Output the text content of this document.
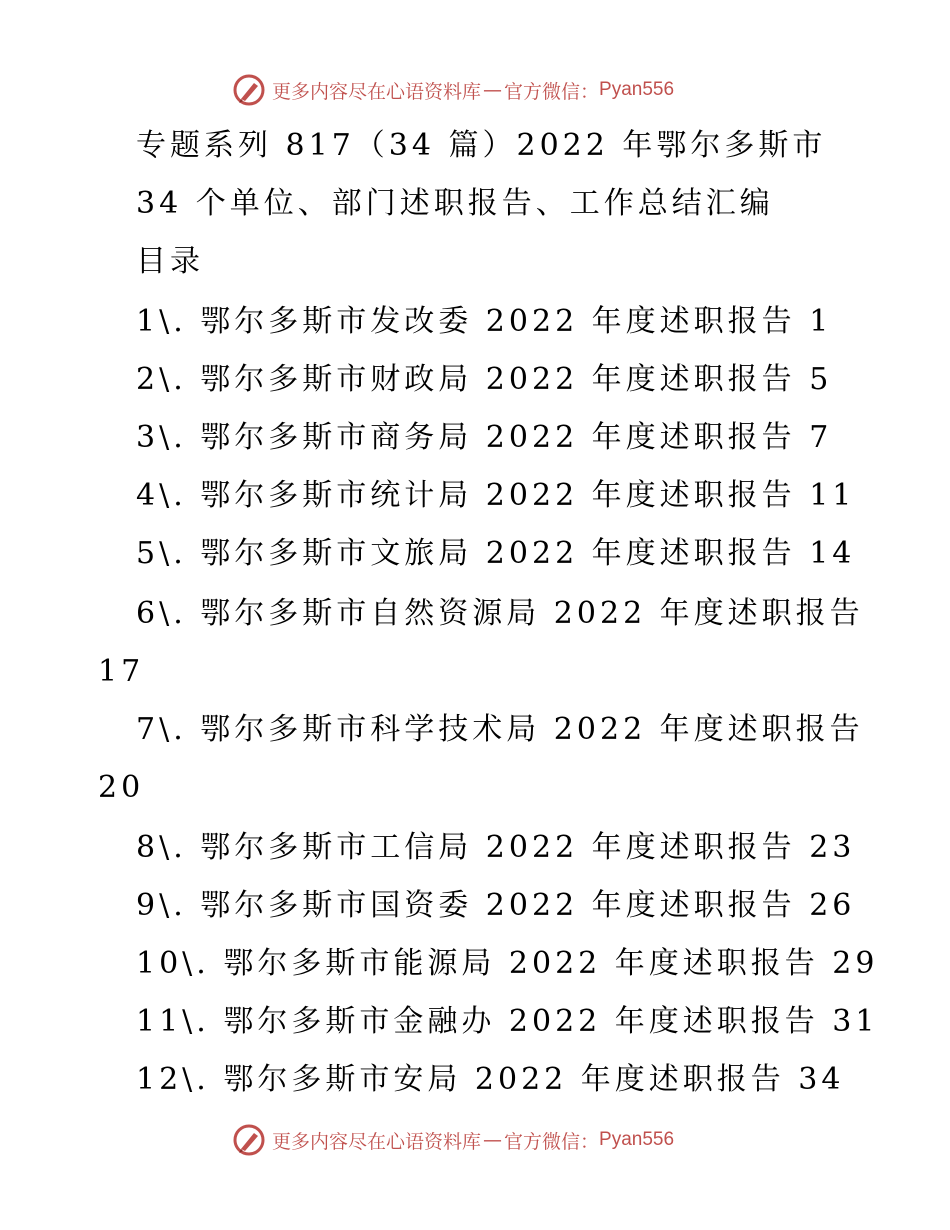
更多内容尽在心语资料库 — 官方微信： Pyan556
专题系列 817（34 篇）2022 年鄂尔多斯市
34 个单位、部门述职报告、工作总结汇编
目录
1\. 鄂尔多斯市发改委 2022 年度述职报告 1
2\. 鄂尔多斯市财政局 2022 年度述职报告 5
3\. 鄂尔多斯市商务局 2022 年度述职报告 7
4\. 鄂尔多斯市统计局 2022 年度述职报告 11
5\. 鄂尔多斯市文旅局 2022 年度述职报告 14
6\. 鄂尔多斯市自然资源局 2022 年度述职报告
17
7\. 鄂尔多斯市科学技术局 2022 年度述职报告
20
8\. 鄂尔多斯市工信局 2022 年度述职报告 23
9\. 鄂尔多斯市国资委 2022 年度述职报告 26
10\. 鄂尔多斯市能源局 2022 年度述职报告 29
11\. 鄂尔多斯市金融办 2022 年度述职报告 31
12\. 鄂尔多斯市安局 2022 年度述职报告 34
更多内容尽在心语资料库 — 官方微信： Pyan556
